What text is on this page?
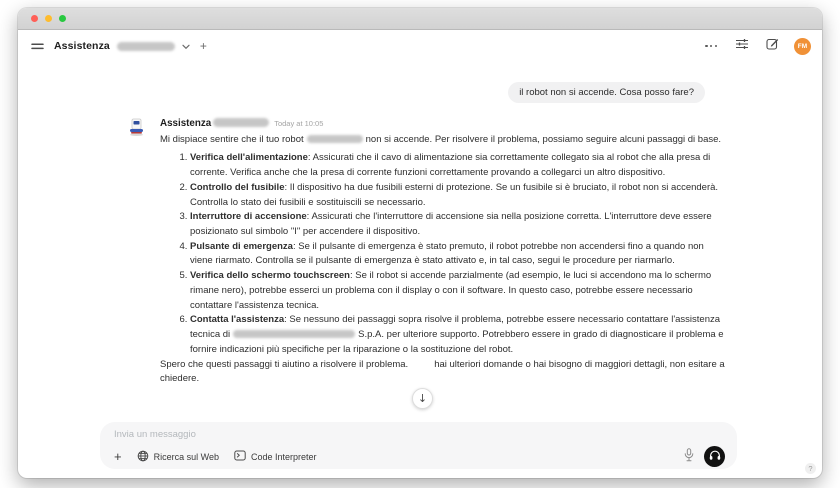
Assistenza	+	FM
il robot non si accende. Cosa posso fare?
Assistenza	Today at 10:05

Mi dispiace sentire che il tuo robot	non si accende. Per risolvere il problema, possiamo seguire alcuni passaggi di base.

1. Verifica dell'alimentazione: Assicurati che il cavo di alimentazione sia correttamente collegato sia al robot che alla presa di corrente. Verifica anche che la presa di corrente funzioni correttamente provando a collegarci un altro dispositivo.
2. Controllo del fusibile: Il dispositivo ha due fusibili esterni di protezione. Se un fusibile si è bruciato, il robot non si accenderà. Controlla lo stato dei fusibili e sostituiscili se necessario.
3. Interruttore di accensione: Assicurati che l'interruttore di accensione sia nella posizione corretta. L'interruttore deve essere posizionato sul simbolo "I" per accendere il dispositivo.
4. Pulsante di emergenza: Se il pulsante di emergenza è stato premuto, il robot potrebbe non accendersi fino a quando non viene riarmato. Controlla se il pulsante di emergenza è stato attivato e, in tal caso, segui le procedure per riarmarlo.
5. Verifica dello schermo touchscreen: Se il robot si accende parzialmente (ad esempio, le luci si accendono ma lo schermo rimane nero), potrebbe esserci un problema con il display o con il software. In questo caso, potrebbe essere necessario contattare l'assistenza tecnica.
6. Contatta l'assistenza: Se nessuno dei passaggi sopra risolve il problema, potrebbe essere necessario contattare l'assistenza tecnica di	S.p.A. per ulteriore supporto. Potrebbero essere in grado di diagnosticare il problema e fornire indicazioni più specifiche per la riparazione o la sostituzione del robot.

Spero che questi passaggi ti aiutino a risolvere il problema.	hai ulteriori domande o hai bisogno di maggiori dettagli, non esitare a chiedere.

↓
Invia un messaggio
+	Ricerca sul Web	Code Interpreter
?
